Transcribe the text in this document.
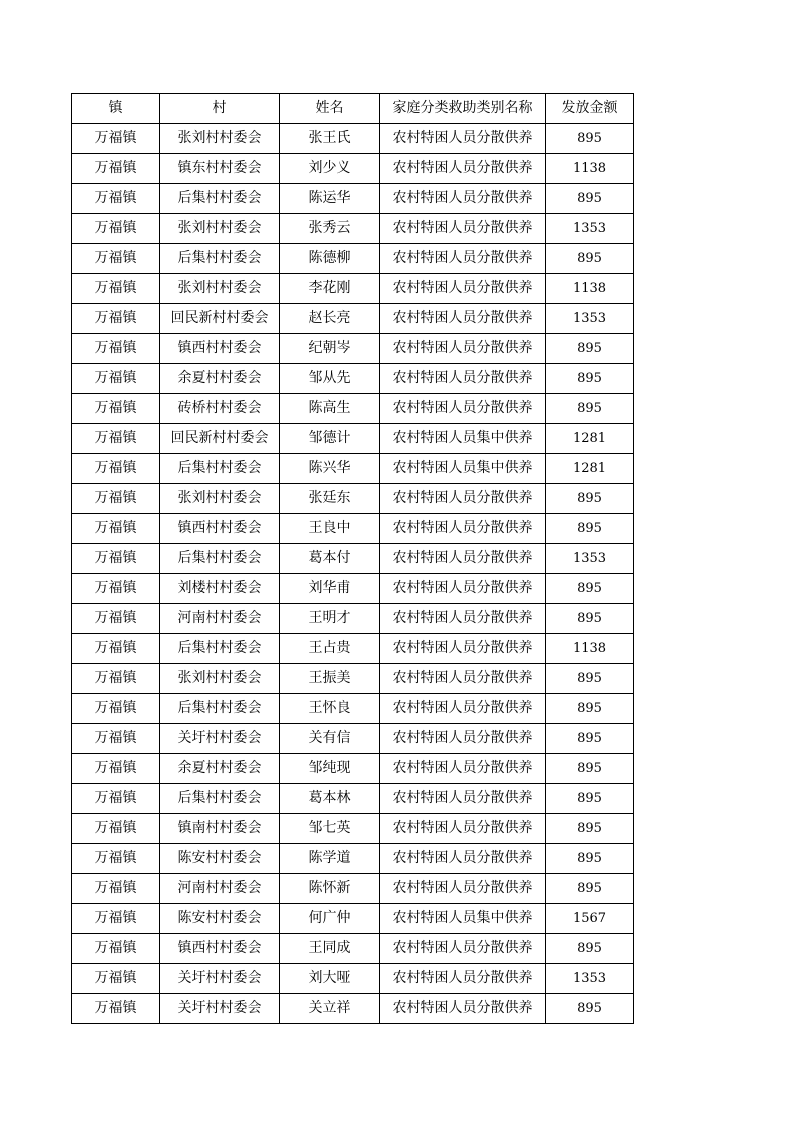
镇	村	姓名	家庭分类救助类别名称	发放金额
万福镇	张刘村村委会	张王氏	农村特困人员分散供养	895
万福镇	镇东村村委会	刘少义	农村特困人员分散供养	1138
万福镇	后集村村委会	陈运华	农村特困人员分散供养	895
万福镇	张刘村村委会	张秀云	农村特困人员分散供养	1353
万福镇	后集村村委会	陈德柳	农村特困人员分散供养	895
万福镇	张刘村村委会	李花刚	农村特困人员分散供养	1138
万福镇	回民新村村委会	赵长亮	农村特困人员分散供养	1353
万福镇	镇西村村委会	纪朝岑	农村特困人员分散供养	895
万福镇	余夏村村委会	邹从先	农村特困人员分散供养	895
万福镇	砖桥村村委会	陈高生	农村特困人员分散供养	895
万福镇	回民新村村委会	邹德计	农村特困人员集中供养	1281
万福镇	后集村村委会	陈兴华	农村特困人员集中供养	1281
万福镇	张刘村村委会	张廷东	农村特困人员分散供养	895
万福镇	镇西村村委会	王良中	农村特困人员分散供养	895
万福镇	后集村村委会	葛本付	农村特困人员分散供养	1353
万福镇	刘楼村村委会	刘华甫	农村特困人员分散供养	895
万福镇	河南村村委会	王明才	农村特困人员分散供养	895
万福镇	后集村村委会	王占贵	农村特困人员分散供养	1138
万福镇	张刘村村委会	王振美	农村特困人员分散供养	895
万福镇	后集村村委会	王怀良	农村特困人员分散供养	895
万福镇	关圩村村委会	关有信	农村特困人员分散供养	895
万福镇	余夏村村委会	邹纯现	农村特困人员分散供养	895
万福镇	后集村村委会	葛本林	农村特困人员分散供养	895
万福镇	镇南村村委会	邹七英	农村特困人员分散供养	895
万福镇	陈安村村委会	陈学道	农村特困人员分散供养	895
万福镇	河南村村委会	陈怀新	农村特困人员分散供养	895
万福镇	陈安村村委会	何广仲	农村特困人员集中供养	1567
万福镇	镇西村村委会	王同成	农村特困人员分散供养	895
万福镇	关圩村村委会	刘大哑	农村特困人员分散供养	1353
万福镇	关圩村村委会	关立祥	农村特困人员分散供养	895
